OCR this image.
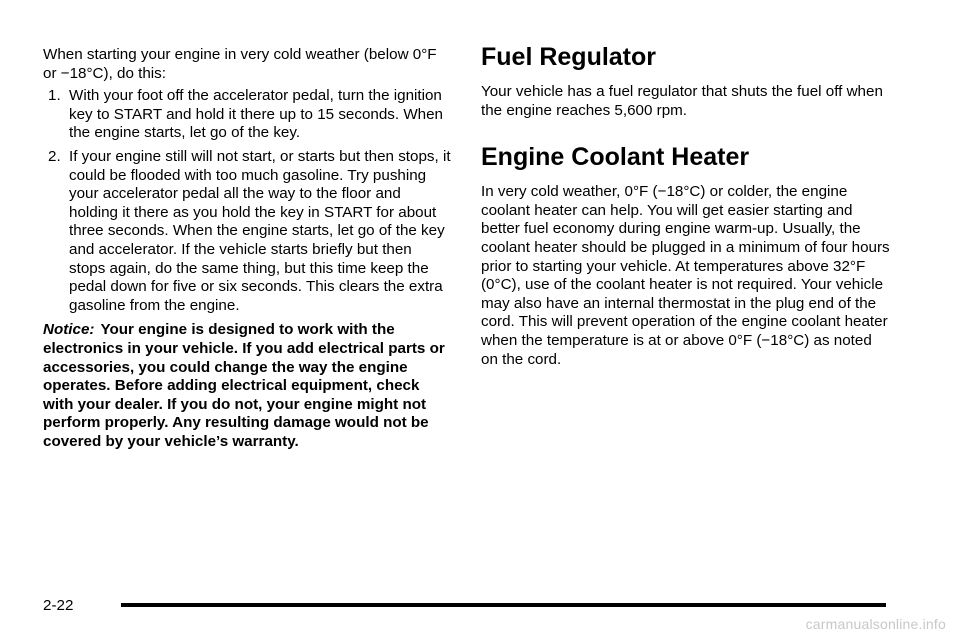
When starting your engine in very cold weather (below 0°F or −18°C), do this:

1. With your foot off the accelerator pedal, turn the ignition key to START and hold it there up to 15 seconds. When the engine starts, let go of the key.
2. If your engine still will not start, or starts but then stops, it could be flooded with too much gasoline. Try pushing your accelerator pedal all the way to the floor and holding it there as you hold the key in START for about three seconds. When the engine starts, let go of the key and accelerator. If the vehicle starts briefly but then stops again, do the same thing, but this time keep the pedal down for five or six seconds. This clears the extra gasoline from the engine.

Notice: Your engine is designed to work with the electronics in your vehicle. If you add electrical parts or accessories, you could change the way the engine operates. Before adding electrical equipment, check with your dealer. If you do not, your engine might not perform properly. Any resulting damage would not be covered by your vehicle’s warranty.

Fuel Regulator

Your vehicle has a fuel regulator that shuts the fuel off when the engine reaches 5,600 rpm.

Engine Coolant Heater

In very cold weather, 0°F (−18°C) or colder, the engine coolant heater can help. You will get easier starting and better fuel economy during engine warm-up. Usually, the coolant heater should be plugged in a minimum of four hours prior to starting your vehicle. At temperatures above 32°F (0°C), use of the coolant heater is not required. Your vehicle may also have an internal thermostat in the plug end of the cord. This will prevent operation of the engine coolant heater when the temperature is at or above 0°F (−18°C) as noted on the cord.

2-22
carmanualsonline.info
